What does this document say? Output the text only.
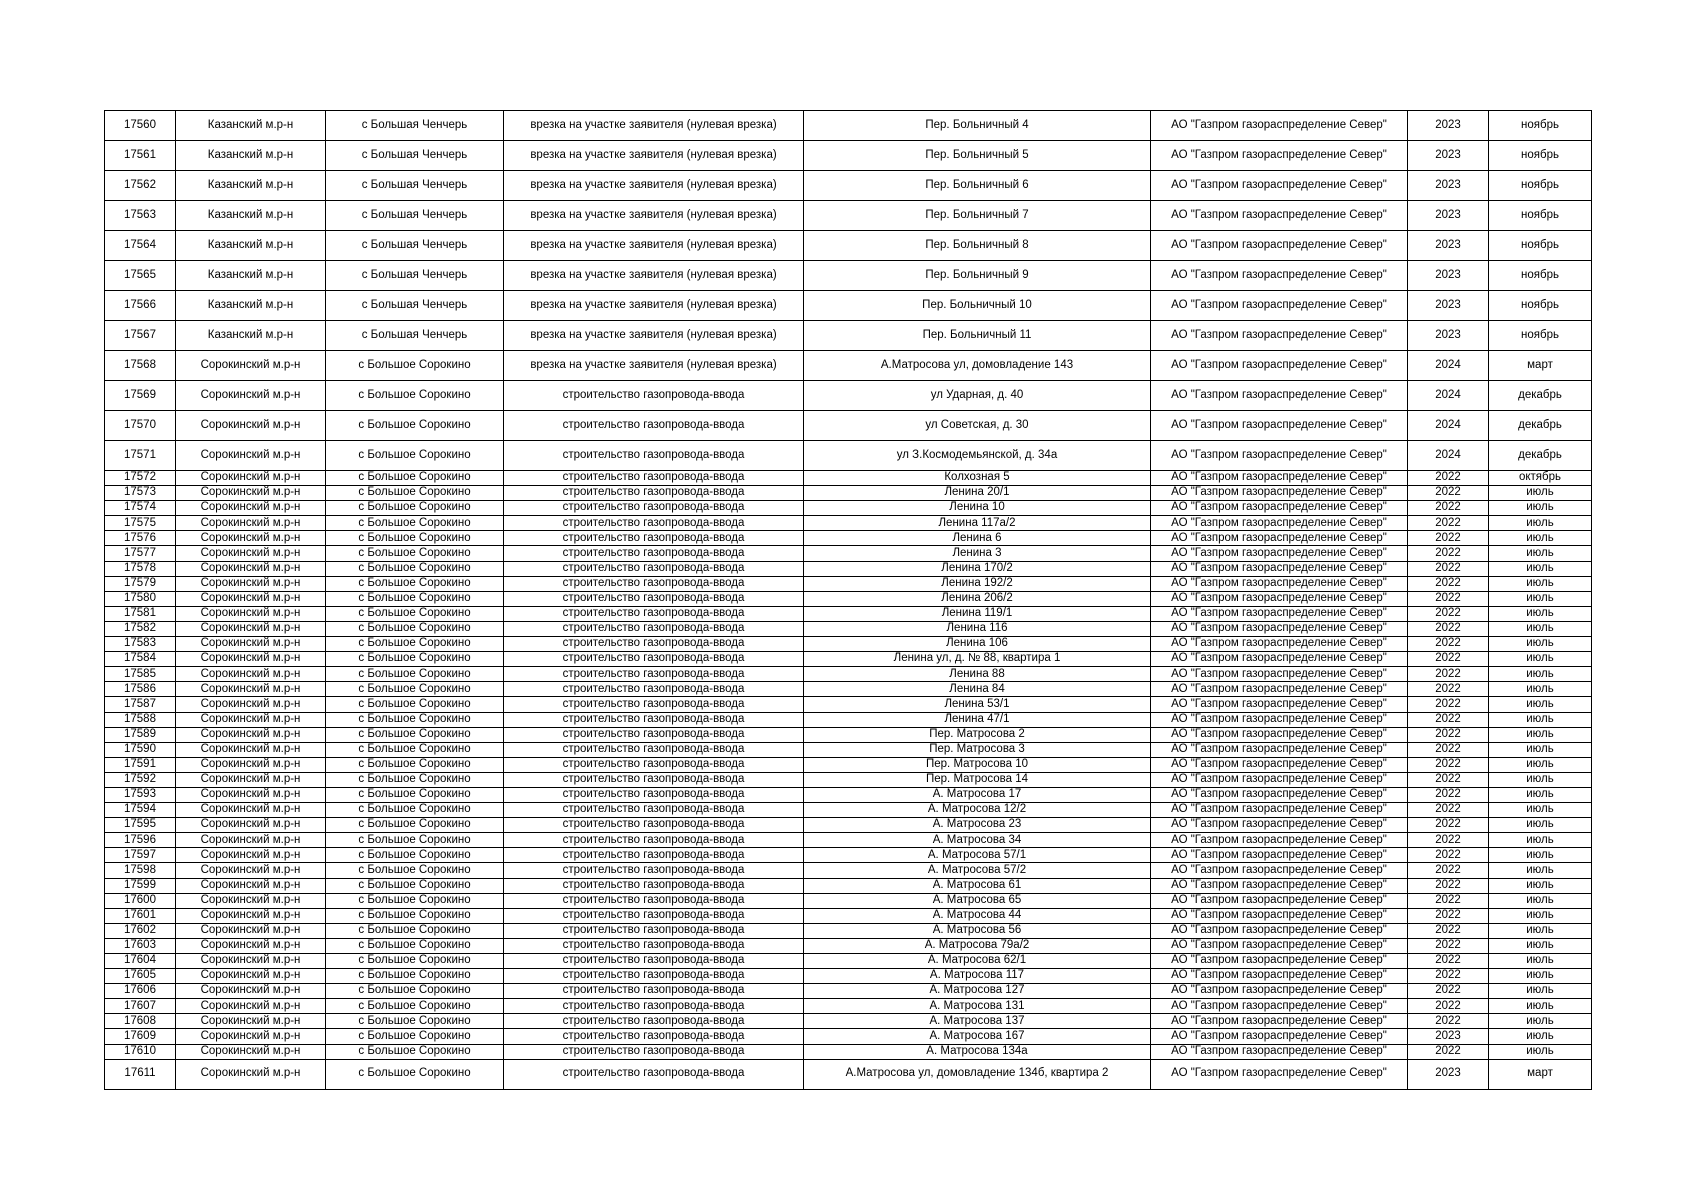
17560	Казанский м.р-н	с Большая Ченчерь	врезка на участке заявителя (нулевая врезка)	Пер. Больничный 4	АО "Газпром газораспределение Север"	2023	ноябрь
17561	Казанский м.р-н	с Большая Ченчерь	врезка на участке заявителя (нулевая врезка)	Пер. Больничный 5	АО "Газпром газораспределение Север"	2023	ноябрь
17562	Казанский м.р-н	с Большая Ченчерь	врезка на участке заявителя (нулевая врезка)	Пер. Больничный 6	АО "Газпром газораспределение Север"	2023	ноябрь
17563	Казанский м.р-н	с Большая Ченчерь	врезка на участке заявителя (нулевая врезка)	Пер. Больничный 7	АО "Газпром газораспределение Север"	2023	ноябрь
17564	Казанский м.р-н	с Большая Ченчерь	врезка на участке заявителя (нулевая врезка)	Пер. Больничный 8	АО "Газпром газораспределение Север"	2023	ноябрь
17565	Казанский м.р-н	с Большая Ченчерь	врезка на участке заявителя (нулевая врезка)	Пер. Больничный 9	АО "Газпром газораспределение Север"	2023	ноябрь
17566	Казанский м.р-н	с Большая Ченчерь	врезка на участке заявителя (нулевая врезка)	Пер. Больничный 10	АО "Газпром газораспределение Север"	2023	ноябрь
17567	Казанский м.р-н	с Большая Ченчерь	врезка на участке заявителя (нулевая врезка)	Пер. Больничный 11	АО "Газпром газораспределение Север"	2023	ноябрь
17568	Сорокинский м.р-н	с Большое Сорокино	врезка на участке заявителя (нулевая врезка)	А.Матросова ул, домовладение 143	АО "Газпром газораспределение Север"	2024	март
17569	Сорокинский м.р-н	с Большое Сорокино	строительство газопровода-ввода	ул Ударная, д. 40	АО "Газпром газораспределение Север"	2024	декабрь
17570	Сорокинский м.р-н	с Большое Сорокино	строительство газопровода-ввода	ул Советская, д. 30	АО "Газпром газораспределение Север"	2024	декабрь
17571	Сорокинский м.р-н	с Большое Сорокино	строительство газопровода-ввода	ул З.Космодемьянской, д. 34а	АО "Газпром газораспределение Север"	2024	декабрь
17572	Сорокинский м.р-н	с Большое Сорокино	строительство газопровода-ввода	Колхозная 5	АО "Газпром газораспределение Север"	2022	октябрь
17573	Сорокинский м.р-н	с Большое Сорокино	строительство газопровода-ввода	Ленина 20/1	АО "Газпром газораспределение Север"	2022	июль
17574	Сорокинский м.р-н	с Большое Сорокино	строительство газопровода-ввода	Ленина 10	АО "Газпром газораспределение Север"	2022	июль
17575	Сорокинский м.р-н	с Большое Сорокино	строительство газопровода-ввода	Ленина 117а/2	АО "Газпром газораспределение Север"	2022	июль
17576	Сорокинский м.р-н	с Большое Сорокино	строительство газопровода-ввода	Ленина 6	АО "Газпром газораспределение Север"	2022	июль
17577	Сорокинский м.р-н	с Большое Сорокино	строительство газопровода-ввода	Ленина 3	АО "Газпром газораспределение Север"	2022	июль
17578	Сорокинский м.р-н	с Большое Сорокино	строительство газопровода-ввода	Ленина 170/2	АО "Газпром газораспределение Север"	2022	июль
17579	Сорокинский м.р-н	с Большое Сорокино	строительство газопровода-ввода	Ленина 192/2	АО "Газпром газораспределение Север"	2022	июль
17580	Сорокинский м.р-н	с Большое Сорокино	строительство газопровода-ввода	Ленина 206/2	АО "Газпром газораспределение Север"	2022	июль
17581	Сорокинский м.р-н	с Большое Сорокино	строительство газопровода-ввода	Ленина 119/1	АО "Газпром газораспределение Север"	2022	июль
17582	Сорокинский м.р-н	с Большое Сорокино	строительство газопровода-ввода	Ленина 116	АО "Газпром газораспределение Север"	2022	июль
17583	Сорокинский м.р-н	с Большое Сорокино	строительство газопровода-ввода	Ленина 106	АО "Газпром газораспределение Север"	2022	июль
17584	Сорокинский м.р-н	с Большое Сорокино	строительство газопровода-ввода	Ленина ул, д. № 88, квартира 1	АО "Газпром газораспределение Север"	2022	июль
17585	Сорокинский м.р-н	с Большое Сорокино	строительство газопровода-ввода	Ленина 88	АО "Газпром газораспределение Север"	2022	июль
17586	Сорокинский м.р-н	с Большое Сорокино	строительство газопровода-ввода	Ленина 84	АО "Газпром газораспределение Север"	2022	июль
17587	Сорокинский м.р-н	с Большое Сорокино	строительство газопровода-ввода	Ленина 53/1	АО "Газпром газораспределение Север"	2022	июль
17588	Сорокинский м.р-н	с Большое Сорокино	строительство газопровода-ввода	Ленина 47/1	АО "Газпром газораспределение Север"	2022	июль
17589	Сорокинский м.р-н	с Большое Сорокино	строительство газопровода-ввода	Пер. Матросова 2	АО "Газпром газораспределение Север"	2022	июль
17590	Сорокинский м.р-н	с Большое Сорокино	строительство газопровода-ввода	Пер. Матросова 3	АО "Газпром газораспределение Север"	2022	июль
17591	Сорокинский м.р-н	с Большое Сорокино	строительство газопровода-ввода	Пер. Матросова 10	АО "Газпром газораспределение Север"	2022	июль
17592	Сорокинский м.р-н	с Большое Сорокино	строительство газопровода-ввода	Пер. Матросова 14	АО "Газпром газораспределение Север"	2022	июль
17593	Сорокинский м.р-н	с Большое Сорокино	строительство газопровода-ввода	А. Матросова 17	АО "Газпром газораспределение Север"	2022	июль
17594	Сорокинский м.р-н	с Большое Сорокино	строительство газопровода-ввода	А. Матросова 12/2	АО "Газпром газораспределение Север"	2022	июль
17595	Сорокинский м.р-н	с Большое Сорокино	строительство газопровода-ввода	А. Матросова 23	АО "Газпром газораспределение Север"	2022	июль
17596	Сорокинский м.р-н	с Большое Сорокино	строительство газопровода-ввода	А. Матросова 34	АО "Газпром газораспределение Север"	2022	июль
17597	Сорокинский м.р-н	с Большое Сорокино	строительство газопровода-ввода	А. Матросова 57/1	АО "Газпром газораспределение Север"	2022	июль
17598	Сорокинский м.р-н	с Большое Сорокино	строительство газопровода-ввода	А. Матросова 57/2	АО "Газпром газораспределение Север"	2022	июль
17599	Сорокинский м.р-н	с Большое Сорокино	строительство газопровода-ввода	А. Матросова 61	АО "Газпром газораспределение Север"	2022	июль
17600	Сорокинский м.р-н	с Большое Сорокино	строительство газопровода-ввода	А. Матросова 65	АО "Газпром газораспределение Север"	2022	июль
17601	Сорокинский м.р-н	с Большое Сорокино	строительство газопровода-ввода	А. Матросова 44	АО "Газпром газораспределение Север"	2022	июль
17602	Сорокинский м.р-н	с Большое Сорокино	строительство газопровода-ввода	А. Матросова 56	АО "Газпром газораспределение Север"	2022	июль
17603	Сорокинский м.р-н	с Большое Сорокино	строительство газопровода-ввода	А. Матросова 79а/2	АО "Газпром газораспределение Север"	2022	июль
17604	Сорокинский м.р-н	с Большое Сорокино	строительство газопровода-ввода	А. Матросова 62/1	АО "Газпром газораспределение Север"	2022	июль
17605	Сорокинский м.р-н	с Большое Сорокино	строительство газопровода-ввода	А. Матросова 117	АО "Газпром газораспределение Север"	2022	июль
17606	Сорокинский м.р-н	с Большое Сорокино	строительство газопровода-ввода	А. Матросова 127	АО "Газпром газораспределение Север"	2022	июль
17607	Сорокинский м.р-н	с Большое Сорокино	строительство газопровода-ввода	А. Матросова 131	АО "Газпром газораспределение Север"	2022	июль
17608	Сорокинский м.р-н	с Большое Сорокино	строительство газопровода-ввода	А. Матросова 137	АО "Газпром газораспределение Север"	2022	июль
17609	Сорокинский м.р-н	с Большое Сорокино	строительство газопровода-ввода	А. Матросова 167	АО "Газпром газораспределение Север"	2023	июль
17610	Сорокинский м.р-н	с Большое Сорокино	строительство газопровода-ввода	А. Матросова 134а	АО "Газпром газораспределение Север"	2022	июль
17611	Сорокинский м.р-н	с Большое Сорокино	строительство газопровода-ввода	А.Матросова ул, домовладение 134б, квартира 2	АО "Газпром газораспределение Север"	2023	март
